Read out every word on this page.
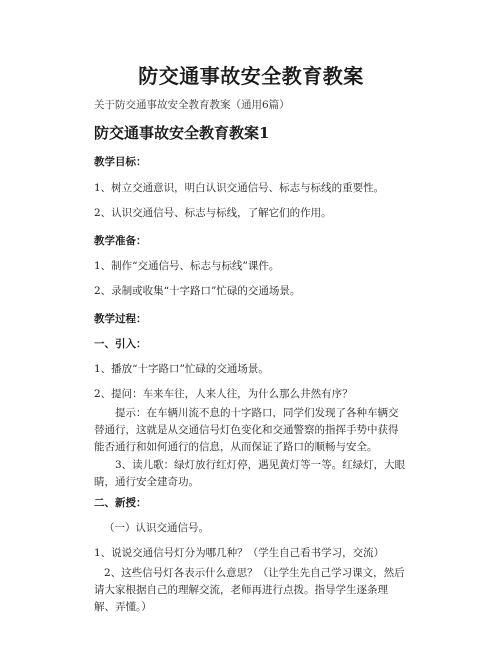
防交通事故安全教育教案
关于防交通事故安全教育教案（通用6篇）
防交通事故安全教育教案1
教学目标：
1、树立交通意识，明白认识交通信号、标志与标线的重要性。
2、认识交通信号、标志与标线，了解它们的作用。
教学准备：
1、制作“交通信号、标志与标线”课件。
2、录制或收集“十字路口”忙碌的交通场景。
教学过程：
一、引入：
1、播放“十字路口”忙碌的交通场景。
2、提问：车来车往，人来人往，为什么那么井然有序？
提示：在车辆川流不息的十字路口，同学们发现了各种车辆交替通行，这就是从交通信号灯色变化和交通警察的指挥手势中获得能否通行和如何通行的信息，从而保证了路口的顺畅与安全。
3、读儿歌：绿灯放行红灯停，遇见黄灯等一等。红绿灯，大眼睛，通行安全建奇功。
二、新授：
（一）认识交通信号。
1、说说交通信号灯分为哪几种？（学生自己看书学习，交流）
2、这些信号灯各表示什么意思？（让学生先自己学习课文，然后请大家根据自己的理解交流，老师再进行点拨。指导学生逐条理解、弄懂。）
